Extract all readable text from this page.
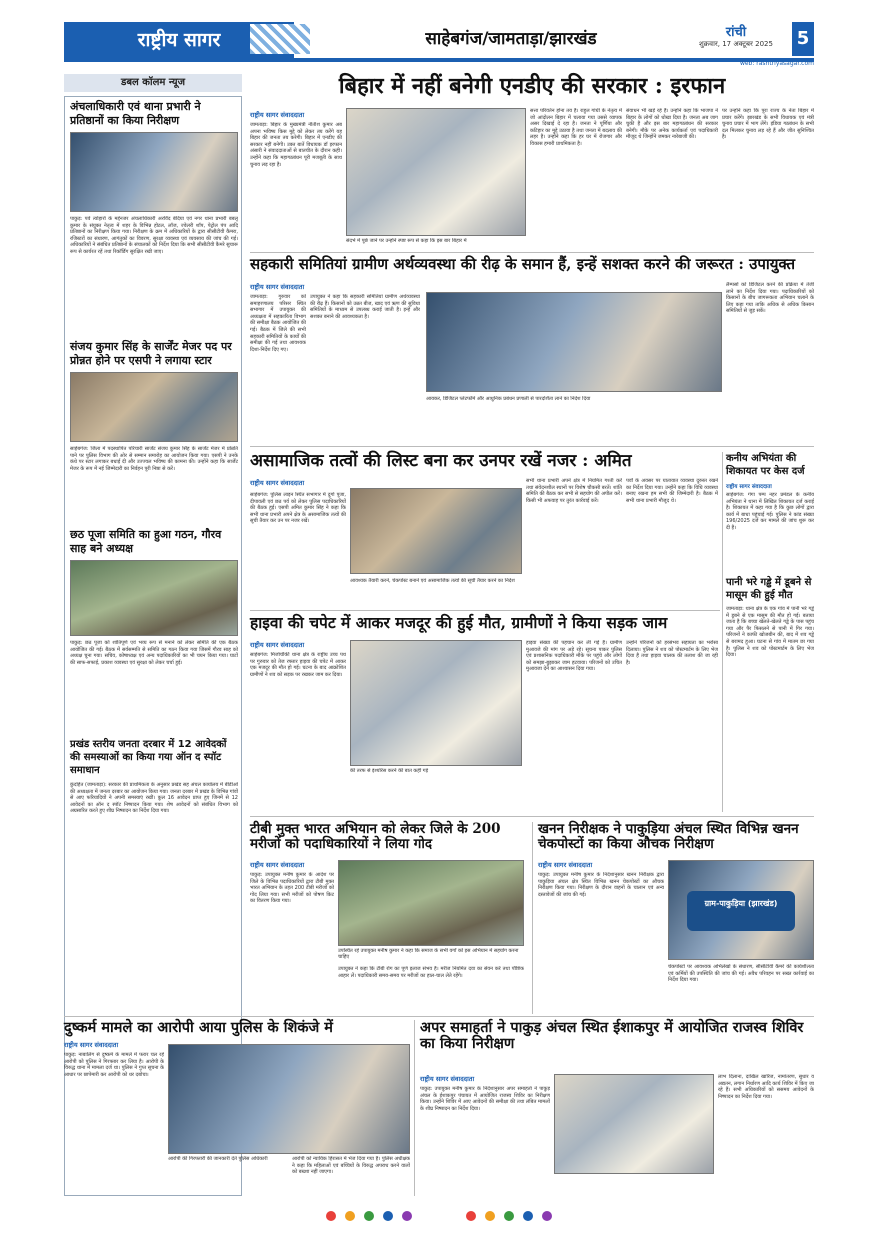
राष्ट्रीय सागर	साहेबगंज/जामताड़ा/झारखंड	रांची
शुक्रवार, 17 अक्टूबर 2025	5
web: rashtriyasagar.com
डबल कॉलम न्यूज
अंचलाधिकारी एवं थाना प्रभारी ने प्रतिष्ठानों का किया निरीक्षण
पाकुड़: पर्व त्योहारों के मद्देनजर अंचलाधिकारी अरविंद बेदिया एवं नगर थाना प्रभारी बबलू कुमार के संयुक्त नेतृत्व में शहर के विभिन्न होटल, लॉज, ज्वेलरी शॉप, पेट्रोल पंप आदि प्रतिष्ठानों का निरीक्षण किया गया। निरीक्षण के क्रम में अधिकारियों के द्वारा सीसीटीवी कैमरा, रजिस्टरों का संधारण, आगंतुकों का विवरण, सुरक्षा व्यवस्था एवं व्यवसाय की जांच की गई। अधिकारियों ने संबंधित प्रतिष्ठानों के संचालकों को निर्देश दिया कि सभी सीसीटीवी कैमरे सुचारू रूप से कार्यरत रहें तथा रिकॉर्डिंग सुरक्षित रखी जाए।
संजय कुमार सिंह के सार्जेंट मेजर पद पर प्रोन्नत होने पर एसपी ने लगाया स्टार
साहेबगंज: जिला में पदस्थापित परिचारी सार्जेंट संजय कुमार सिंह के सार्जेंट मेजर में प्रोन्नति पाने पर पुलिस विभाग की ओर से सम्मान समारोह का आयोजन किया गया। एसपी ने उनके कंधे पर स्टार लगाकर बधाई दी और उज्ज्वल भविष्य की कामना की। उन्होंने कहा कि सार्जेंट मेजर के रूप में नई जिम्मेदारी का निर्वहन पूरी निष्ठा से करें।
छठ पूजा समिति का हुआ गठन, गौरव साह बने अध्यक्ष
पाकुड़: छठ पूजा को शांतिपूर्ण एवं भव्य रूप से मनाने को लेकर समिति की एक बैठक आयोजित की गई। बैठक में सर्वसम्मति से समिति का गठन किया गया जिसमें गौरव साह को अध्यक्ष चुना गया। सचिव, कोषाध्यक्ष एवं अन्य पदाधिकारियों का भी चयन किया गया। घाटों की साफ-सफाई, प्रकाश व्यवस्था एवं सुरक्षा को लेकर चर्चा हुई।
प्रखंड स्तरीय जनता दरबार में 12 आवेदकों की समस्याओं का किया गया ऑन द स्पॉट समाधान
कुंदहित (जामताड़ा): सरकार की प्राथमिकता के अनुसार प्रखंड सह अंचल कार्यालय में बीडीओ की अध्यक्षता में जनता दरबार का आयोजन किया गया। जनता दरबार में प्रखंड के विभिन्न गांवों से आए फरियादियों ने अपनी समस्याएं रखीं। कुल 16 आवेदन प्राप्त हुए जिनमें से 12 आवेदनों का ऑन द स्पॉट निष्पादन किया गया। शेष आवेदनों को संबंधित विभाग को अग्रसारित करते हुए शीघ्र निष्पादन का निर्देश दिया गया।
बिहार में नहीं बनेगी एनडीए की सरकार : इरफान
राष्ट्रीय सागर संवाददाता
जामताड़ा: बिहार के मुख्यमंत्री नीतीश कुमार अब अपना भविष्य किस मुद्दे को लेकर तय करेंगे यह बिहार की जनता तय करेगी। बिहार में एनडीए की सरकार नहीं बनेगी। उक्त बातें विधायक डॉ इरफान अंसारी ने संवाददाताओं से बातचीत के दौरान कही। उन्होंने कहा कि महागठबंधन पूरी मजबूती के साथ चुनाव लड़ रहा है।
संदर्भ में पूछे जाने पर उन्होंने स्पष्ट रूप से कहा कि इस बार बिहार में
सत्ता परिवर्तन होना तय है। राहुल गांधी के नेतृत्व में जो आंदोलन बिहार में चलाया गया उससे व्यापक असर दिखाई दे रहा है। जनता ने पूर्णिया और कटिहार का मुद्दे उठाया है तथा जनता में बदलाव की लहर है। उन्होंने कहा कि हर घर में रोजगार और विकास हमारी प्राथमिकता है।
संवाधन भी खड़े रहे हैं। उन्होंने कहा कि भाजपा ने बिहार के लोगों को धोखा दिया है। जनता अब जाग चुकी है और इस बार महागठबंधन की सरकार बनेगी। मौके पर अनेक कार्यकर्ता एवं पदाधिकारी मौजूद थे जिन्होंने जमकर नारेबाजी की।
पर उन्होंने कहा कि पूरा राज्य के नेता बिहार में प्रचार करेंगे। झारखंड के सभी विधायक एवं मंत्री चुनाव प्रचार में भाग लेंगे। इंडिया गठबंधन के सभी दल मिलकर चुनाव लड़ रहे हैं और जीत सुनिश्चित है।
सहकारी समितियां ग्रामीण अर्थव्यवस्था की रीढ़ के समान हैं, इन्हें सशक्त करने की जरूरत : उपायुक्त
राष्ट्रीय सागर संवाददाता
जामताड़ा: गुरुवार को समाहरणालय परिसर स्थित सभागार में उपायुक्त की अध्यक्षता में सहकारिता विभाग की समीक्षा बैठक आयोजित की गई। बैठक में जिले की सभी सहकारी समितियों के कार्यों की समीक्षा की गई तथा आवश्यक दिशा-निर्देश दिए गए।
उपायुक्त ने कहा कि सहकारी समितियां ग्रामीण अर्थव्यवस्था की रीढ़ हैं। किसानों को उन्नत बीज, खाद एवं ऋण की सुविधा समितियों के माध्यम से उपलब्ध कराई जाती है। इन्हें और सशक्त बनाने की आवश्यकता है।
आयकर, डिजिटल प्लेटफॉर्म और आधुनिक प्रबंधन प्रणाली से पारदर्शिता लाने का निर्देश दिया
लैम्पसों को डिजिटल करने की प्रक्रिया में तेजी लाने का निर्देश दिया गया। पदाधिकारियों को किसानों के बीच जागरूकता अभियान चलाने के लिए कहा गया ताकि अधिक से अधिक किसान समितियों से जुड़ सकें।
असामाजिक तत्वों की लिस्ट बना कर उनपर रखें नजर : अमित
राष्ट्रीय सागर संवाददाता
साहेबगंज: पुलिस लाइन स्थित सभागार में दुर्गा पूजा, दीपावली एवं छठ पर्व को लेकर पुलिस पदाधिकारियों की बैठक हुई। एसपी अमित कुमार सिंह ने कहा कि सभी थाना प्रभारी अपने क्षेत्र के असामाजिक तत्वों की सूची तैयार कर उन पर नजर रखें।
आवश्यक तैयारी करने, चेकपोस्ट बनाने एवं असामाजिक तत्वों की सूची तैयार करने का निर्देश
सभी थाना प्रभारी अपने क्षेत्र में नियमित गश्ती करें तथा संवेदनशील स्थानों पर विशेष चौकसी बरतें। शांति समिति की बैठक कर सभी से सहयोग की अपील करें। किसी भी अफवाह पर तुरंत कार्रवाई करें।
पर्वों के अवसर पर यातायात व्यवस्था दुरुस्त रखने का निर्देश दिया गया। उन्होंने कहा कि विधि व्यवस्था बनाए रखना हम सभी की जिम्मेदारी है। बैठक में सभी थाना प्रभारी मौजूद थे।
कनीय अभियंता की शिकायत पर केस दर्ज
राष्ट्रीय सागर संवाददाता
साहेबगंज: गंगा पम्प नहर प्रमंडल के कनीय अभियंता ने थाना में लिखित शिकायत दर्ज कराई है। शिकायत में कहा गया है कि कुछ लोगों द्वारा कार्य में बाधा पहुंचाई गई। पुलिस ने कांड संख्या 196/2025 दर्ज कर मामले की जांच शुरू कर दी है।
पानी भरे गड्ढे में डूबने से मासूम की हुई मौत
जामताड़ा: थाना क्षेत्र के एक गांव में पानी भरे गड्ढे में डूबने से एक मासूम की मौत हो गई। बताया जाता है कि बच्चा खेलते-खेलते गड्ढे के पास पहुंच गया और पैर फिसलने से पानी में गिर गया। परिजनों ने काफी खोजबीन की, बाद में शव गड्ढे से बरामद हुआ। घटना से गांव में मातम छा गया है। पुलिस ने शव को पोस्टमार्टम के लिए भेज दिया।
हाइवा की चपेट में आकर मजदूर की हुई मौत, ग्रामीणों ने किया सड़क जाम
राष्ट्रीय सागर संवाददाता
साहेबगंज: मिर्जाचौकी थाना क्षेत्र के राष्ट्रीय उच्च पथ पर गुरुवार को तेज रफ्तार हाइवा की चपेट में आकर एक मजदूर की मौत हो गई। घटना के बाद आक्रोशित ग्रामीणों ने शव को सड़क पर रखकर जाम कर दिया।
की तरफ से इंश्योरेंस करने की बात कही गई
हाइवा संख्या की पहचान कर ली गई है। ग्रामीण मुआवजे की मांग पर अड़े रहे। सूचना पाकर पुलिस एवं प्रशासनिक पदाधिकारी मौके पर पहुंचे और लोगों को समझा-बुझाकर जाम हटवाया। परिजनों को उचित मुआवजा देने का आश्वासन दिया गया।
उन्होंने परिजनों को हरसंभव सहायता का भरोसा दिलाया। पुलिस ने शव को पोस्टमार्टम के लिए भेज दिया है तथा हाइवा चालक की तलाश की जा रही है।
टीबी मुक्त भारत अभियान को लेकर जिले के 200 मरीजों को पदाधिकारियों ने लिया गोद
राष्ट्रीय सागर संवाददाता
पाकुड़: उपायुक्त मनीष कुमार के आदेश पर जिले के विभिन्न पदाधिकारियों द्वारा टीबी मुक्त भारत अभियान के तहत 200 टीबी मरीजों को गोद लिया गया। सभी मरीजों को पोषण किट का वितरण किया गया।
उपस्थित रहे उपायुक्त मनीष कुमार ने कहा कि समाज के सभी वर्गों को इस अभियान में सहयोग करना चाहिए
उपायुक्त ने कहा कि टीबी रोग का पूर्ण इलाज संभव है। मरीज नियमित दवा का सेवन करें तथा पौष्टिक आहार लें। पदाधिकारी समय-समय पर मरीजों का हाल-चाल लेते रहेंगे।
खनन निरीक्षक ने पाकुड़िया अंचल स्थित विभिन्न खनन चेकपोस्टों का किया औचक निरीक्षण
राष्ट्रीय सागर संवाददाता
पाकुड़: उपायुक्त मनीष कुमार के निर्देशानुसार खनन निरीक्षक द्वारा पाकुड़िया अंचल क्षेत्र स्थित विभिन्न खनन चेकपोस्टों का औचक निरीक्षण किया गया। निरीक्षण के दौरान वाहनों के चालान एवं अन्य दस्तावेजों की जांच की गई।
ग्राम-पाकुड़िया (झारखंड)
चेकपोस्टों पर आवश्यक अभिलेखों के संधारण, सीसीटीवी कैमरे की कार्यशीलता एवं कर्मियों की उपस्थिति की जांच की गई। अवैध परिवहन पर सख्त कार्रवाई का निर्देश दिया गया।
दुष्कर्म मामले का आरोपी आया पुलिस के शिकंजे में
राष्ट्रीय सागर संवाददाता
पाकुड़: नाबालिग से दुष्कर्म के मामले में फरार चल रहे आरोपी को पुलिस ने गिरफ्तार कर लिया है। आरोपी के विरुद्ध थाना में मामला दर्ज था। पुलिस ने गुप्त सूचना के आधार पर छापेमारी कर आरोपी को धर दबोचा।
आरोपी की गिरफ्तारी की जानकारी देते पुलिस अधिकारी	आरोपी को न्यायिक हिरासत में भेज दिया गया है। पुलिस अधीक्षक ने कहा कि महिलाओं एवं बच्चियों के विरुद्ध अपराध करने वालों को बख्शा नहीं जाएगा।
अपर समाहर्ता ने पाकुड़ अंचल स्थित ईशाकपुर में आयोजित राजस्व शिविर का किया निरीक्षण
राष्ट्रीय सागर संवाददाता
पाकुड़: उपायुक्त मनीष कुमार के निर्देशानुसार अपर समाहर्ता ने पाकुड़ अंचल के ईशाकपुर पंचायत में आयोजित राजस्व शिविर का निरीक्षण किया। उन्होंने शिविर में आए आवेदनों की समीक्षा की तथा लंबित मामलों के शीघ्र निष्पादन का निर्देश दिया।
लाभ दिलाना, दाखिल खारिज, नामांतरण, सुधार व अद्यतन, लगान निर्धारण आदि कार्य शिविर में किए जा रहे हैं। सभी अधिकारियों को ससमय आवेदनों के निष्पादन का निर्देश दिया गया।
